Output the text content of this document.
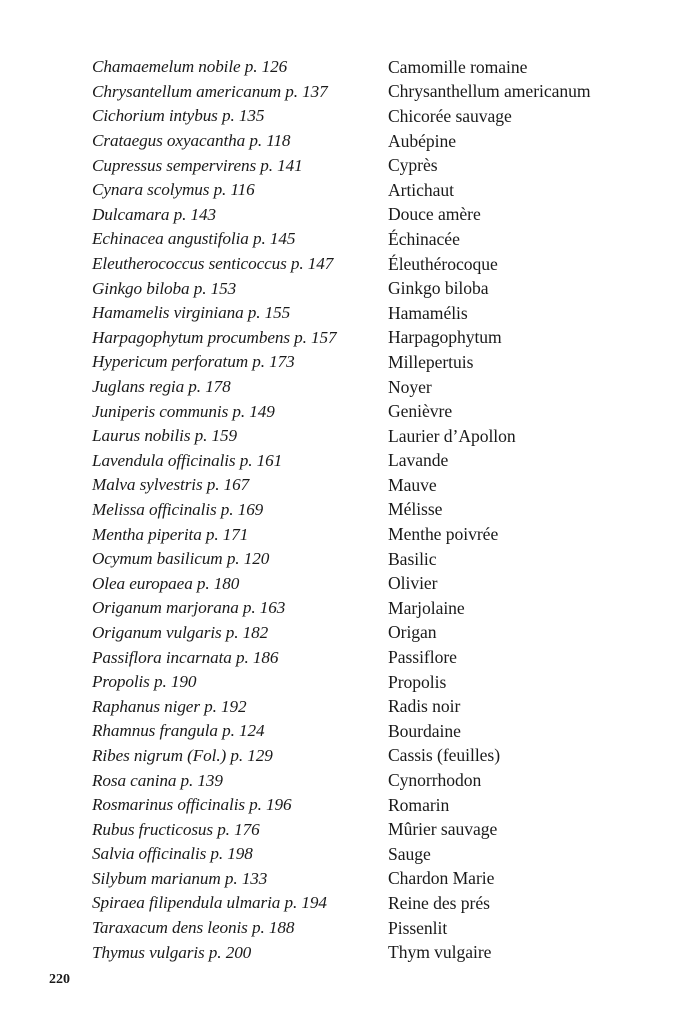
Chamaemelum nobile p. 126	Camomille romaine
Chrysantellum americanum p. 137	Chrysanthellum americanum
Cichorium intybus p. 135	Chicorée sauvage
Crataegus oxyacantha p. 118	Aubépine
Cupressus sempervirens p. 141	Cyprès
Cynara scolymus p. 116	Artichaut
Dulcamara p. 143	Douce amère
Echinacea angustifolia p. 145	Échinacée
Eleutherococcus senticoccus p. 147	Éleuthérocoque
Ginkgo biloba p. 153	Ginkgo biloba
Hamamelis virginiana p. 155	Hamamélis
Harpagophytum procumbens p. 157	Harpagophytum
Hypericum perforatum p. 173	Millepertuis
Juglans regia p. 178	Noyer
Juniperis communis p. 149	Genièvre
Laurus nobilis p. 159	Laurier d’Apollon
Lavendula officinalis p. 161	Lavande
Malva sylvestris p. 167	Mauve
Melissa officinalis p. 169	Mélisse
Mentha piperita p. 171	Menthe poivrée
Ocymum basilicum p. 120	Basilic
Olea europaea p. 180	Olivier
Origanum marjorana p. 163	Marjolaine
Origanum vulgaris p. 182	Origan
Passiflora incarnata p. 186	Passiflore
Propolis p. 190	Propolis
Raphanus niger p. 192	Radis noir
Rhamnus frangula p. 124	Bourdaine
Ribes nigrum (Fol.) p. 129	Cassis (feuilles)
Rosa canina p. 139	Cynorrhodon
Rosmarinus officinalis p. 196	Romarin
Rubus fructicosus p. 176	Mûrier sauvage
Salvia officinalis p. 198	Sauge
Silybum marianum p. 133	Chardon Marie
Spiraea filipendula ulmaria p. 194	Reine des prés
Taraxacum dens leonis p. 188	Pissenlit
Thymus vulgaris p. 200	Thym vulgaire
220
